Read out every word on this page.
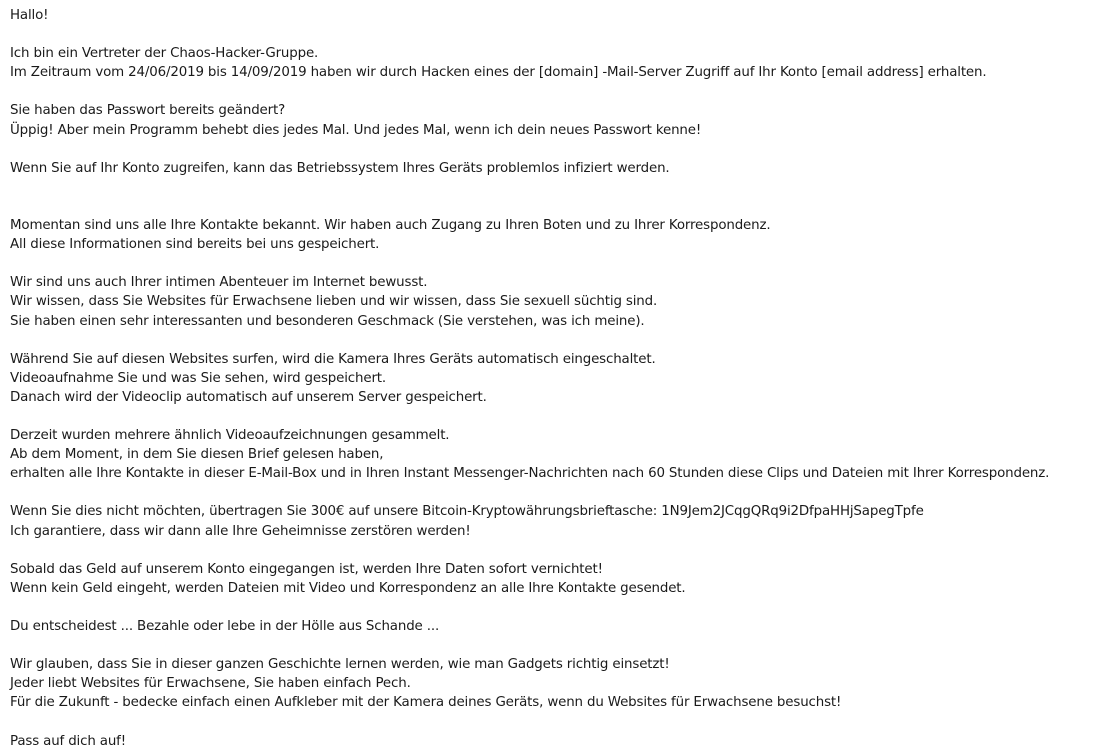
Hallo!
Ich bin ein Vertreter der Chaos-Hacker-Gruppe.
Im Zeitraum vom 24/06/2019 bis 14/09/2019 haben wir durch Hacken eines der [domain] -Mail-Server Zugriff auf Ihr Konto [email address] erhalten.
Sie haben das Passwort bereits geändert?
Üppig! Aber mein Programm behebt dies jedes Mal. Und jedes Mal, wenn ich dein neues Passwort kenne!
Wenn Sie auf Ihr Konto zugreifen, kann das Betriebssystem Ihres Geräts problemlos infiziert werden.
Momentan sind uns alle Ihre Kontakte bekannt. Wir haben auch Zugang zu Ihren Boten und zu Ihrer Korrespondenz.
All diese Informationen sind bereits bei uns gespeichert.
Wir sind uns auch Ihrer intimen Abenteuer im Internet bewusst.
Wir wissen, dass Sie Websites für Erwachsene lieben und wir wissen, dass Sie sexuell süchtig sind.
Sie haben einen sehr interessanten und besonderen Geschmack (Sie verstehen, was ich meine).
Während Sie auf diesen Websites surfen, wird die Kamera Ihres Geräts automatisch eingeschaltet.
Videoaufnahme Sie und was Sie sehen, wird gespeichert.
Danach wird der Videoclip automatisch auf unserem Server gespeichert.
Derzeit wurden mehrere ähnlich Videoaufzeichnungen gesammelt.
Ab dem Moment, in dem Sie diesen Brief gelesen haben,
erhalten alle Ihre Kontakte in dieser E-Mail-Box und in Ihren Instant Messenger-Nachrichten nach 60 Stunden diese Clips und Dateien mit Ihrer Korrespondenz.
Wenn Sie dies nicht möchten, übertragen Sie 300€ auf unsere Bitcoin-Kryptowährungsbrieftasche: 1N9Jem2JCqgQRq9i2DfpaHHjSapegTpfe
Ich garantiere, dass wir dann alle Ihre Geheimnisse zerstören werden!
Sobald das Geld auf unserem Konto eingegangen ist, werden Ihre Daten sofort vernichtet!
Wenn kein Geld eingeht, werden Dateien mit Video und Korrespondenz an alle Ihre Kontakte gesendet.
Du entscheidest ... Bezahle oder lebe in der Hölle aus Schande ...
Wir glauben, dass Sie in dieser ganzen Geschichte lernen werden, wie man Gadgets richtig einsetzt!
Jeder liebt Websites für Erwachsene, Sie haben einfach Pech.
Für die Zukunft - bedecke einfach einen Aufkleber mit der Kamera deines Geräts, wenn du Websites für Erwachsene besuchst!
Pass auf dich auf!
